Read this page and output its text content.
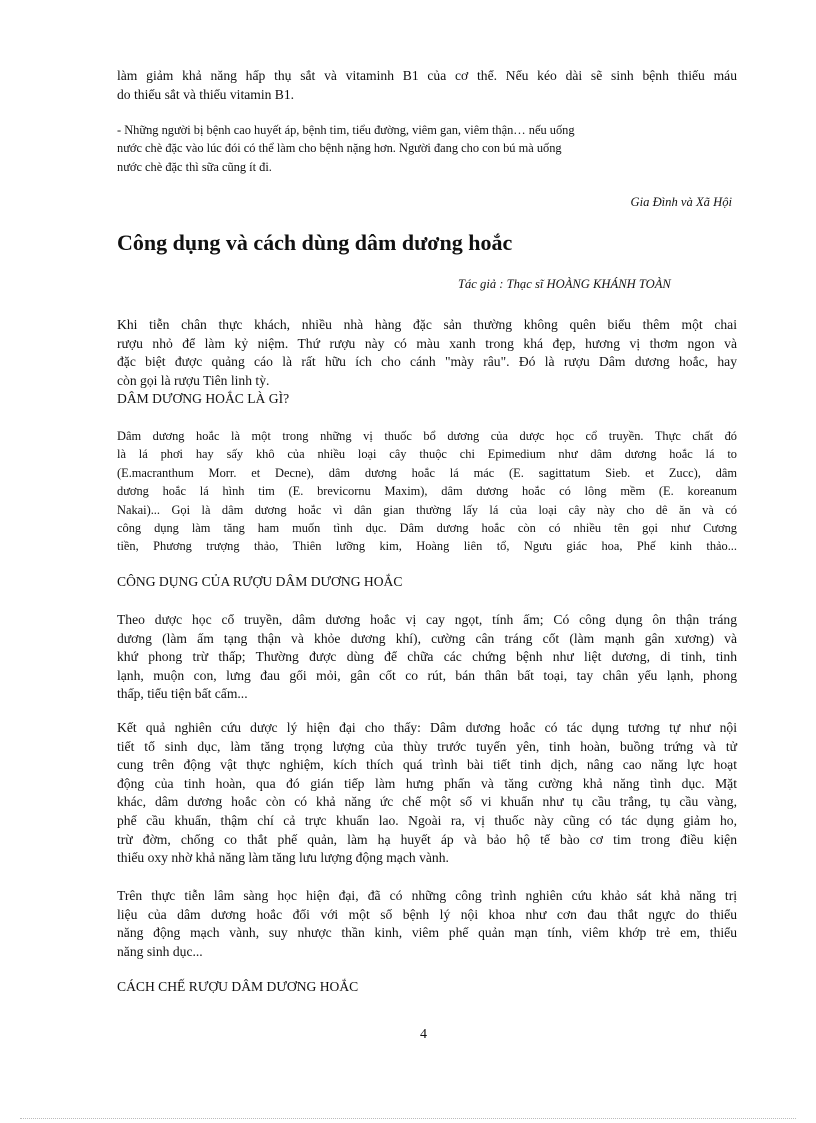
làm giảm khả năng hấp thụ sắt và vitaminh B1 của cơ thể. Nếu kéo dài sẽ sinh bệnh thiếu máu
do thiếu sắt và thiếu vitamin B1.
- Những người bị bệnh cao huyết áp, bệnh tim, tiểu đường, viêm gan, viêm thận… nếu uống
nước chè đặc vào lúc đói có thể làm cho bệnh nặng hơn. Người đang cho con bú mà uống
nước chè đặc thì sữa cũng ít đi.
Gia Đình và Xã Hội
Công dụng và cách dùng dâm dương hoắc
Tác giả : Thạc sĩ HOÀNG KHÁNH TOÀN
Khi tiễn chân thực khách, nhiều nhà hàng đặc sản thường không quên biếu thêm một chai
rượu nhỏ để làm kỷ niệm. Thứ rượu này có màu xanh trong khá đẹp, hương vị thơm ngon và
đặc biệt được quảng cáo là rất hữu ích cho cánh "mày râu". Đó là rượu Dâm dương hoắc, hay
còn gọi là rượu Tiên linh tỳ.
DÂM DƯƠNG HOẮC LÀ GÌ?
Dâm dương hoắc là một trong những vị thuốc bổ dương của dược học cổ truyền. Thực chất đó
là lá phơi hay sấy khô của nhiều loại cây thuộc chi Epimedium như dâm dương hoắc lá to
(E.macranthum Morr. et Decne), dâm dương hoắc lá mác (E. sagittatum Sieb. et Zucc), dâm
dương hoắc lá hình tim (E. brevicornu Maxim), dâm dương hoắc có lông mềm (E. koreanum
Nakai)... Gọi là dâm dương hoắc vì dân gian thường lấy lá của loại cây này cho dê ăn và có
công dụng làm tăng ham muốn tình dục. Dâm dương hoắc còn có nhiều tên gọi như Cương
tiền, Phương trượng thảo, Thiên lưỡng kim, Hoàng liên tổ, Ngưu giác hoa, Phế kinh thảo...
CÔNG DỤNG CỦA RƯỢU DÂM DƯƠNG HOẮC
Theo dược học cổ truyền, dâm dương hoắc vị cay ngọt, tính ấm; Có công dụng ôn thận tráng
dương (làm ấm tạng thận và khỏe dương khí), cường cân tráng cốt (làm mạnh gân xương) và
khứ phong trừ thấp; Thường được dùng để chữa các chứng bệnh như liệt dương, di tinh, tinh
lạnh, muộn con, lưng đau gối mỏi, gân cốt co rút, bán thân bất toại, tay chân yếu lạnh, phong
thấp, tiểu tiện bất cấm...
Kết quả nghiên cứu dược lý hiện đại cho thấy: Dâm dương hoắc có tác dụng tương tự như nội
tiết tố sinh dục, làm tăng trọng lượng của thùy trước tuyến yên, tinh hoàn, buồng trứng và tử
cung trên động vật thực nghiệm, kích thích quá trình bài tiết tinh dịch, nâng cao năng lực hoạt
động của tinh hoàn, qua đó gián tiếp làm hưng phấn và tăng cường khả năng tình dục. Mặt
khác, dâm dương hoắc còn có khả năng ức chế một số vi khuẩn như tụ cầu trắng, tụ cầu vàng,
phế cầu khuẩn, thậm chí cả trực khuẩn lao. Ngoài ra, vị thuốc này cũng có tác dụng giảm ho,
trừ đờm, chống co thắt phế quản, làm hạ huyết áp và bảo hộ tế bào cơ tim trong điều kiện
thiếu oxy nhờ khả năng làm tăng lưu lượng động mạch vành.
Trên thực tiễn lâm sàng học hiện đại, đã có những công trình nghiên cứu khảo sát khả năng trị
liệu của dâm dương hoắc đối với một số bệnh lý nội khoa như cơn đau thắt ngực do thiểu
năng động mạch vành, suy nhược thần kinh, viêm phế quản mạn tính, viêm khớp trẻ em, thiểu
năng sinh dục...
CÁCH CHẾ RƯỢU DÂM DƯƠNG HOẮC
4
